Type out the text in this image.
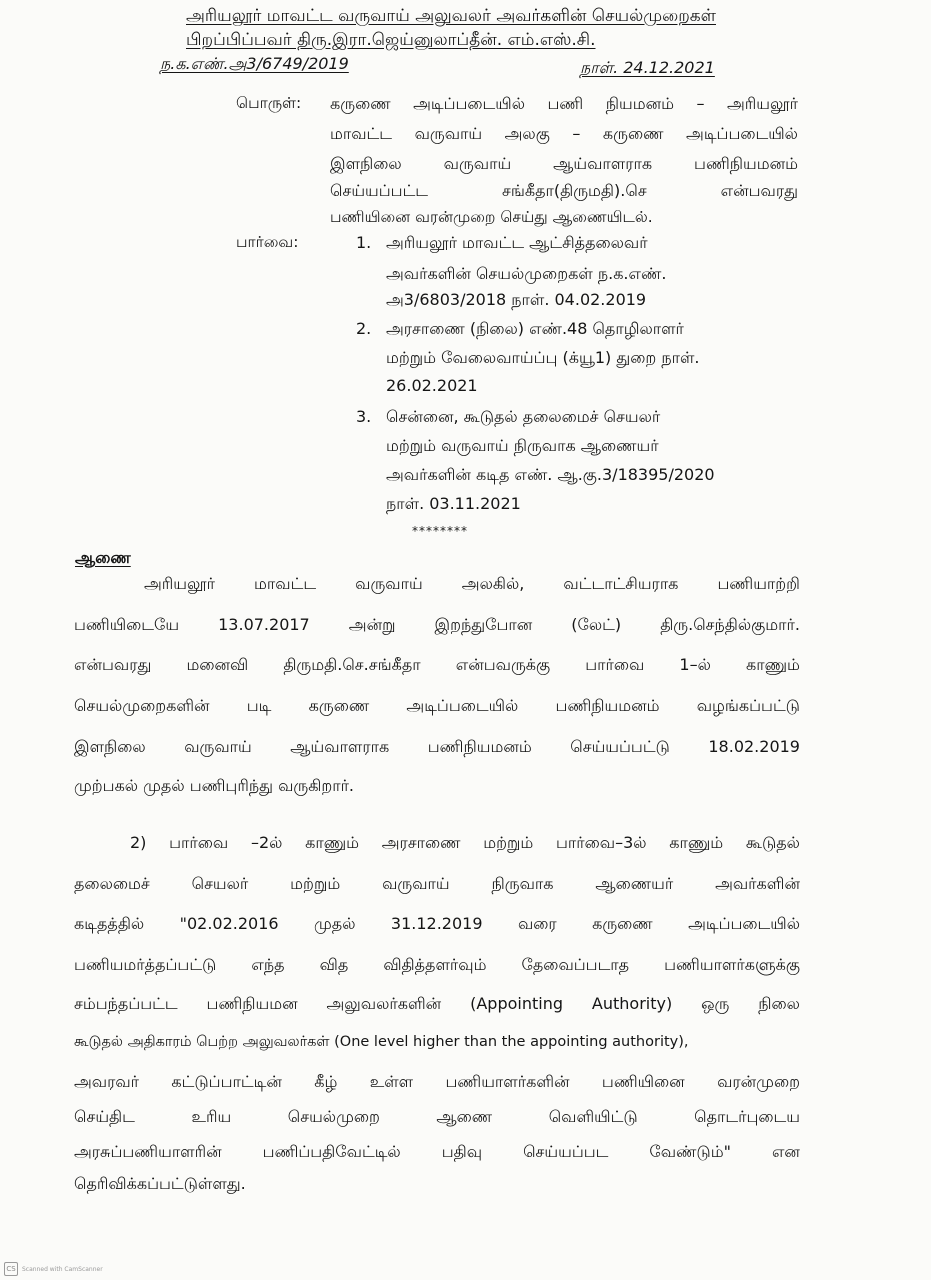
அரியலூர் மாவட்ட வருவாய் அலுவலர் அவர்களின் செயல்முறைகள்
பிறப்பிப்பவர் திரு.இரா.ஜெய்னுலாப்தீன். எம்.எஸ்.சி.
ந.க.எண்.அ3/6749/2019	நாள். 24.12.2021
பொருள்: கருணை அடிப்படையில் பணி நியமனம் – அரியலூர்
மாவட்ட வருவாய் அலகு – கருணை அடிப்படையில்
இளநிலை	வருவாய்	ஆய்வாளராக	பணிநியமனம்
செய்யப்பட்ட	சங்கீதா(திருமதி).செ	என்பவரது
பணியினை வரன்முறை செய்து ஆணையிடல்.
பார்வை:	1. அரியலூர் மாவட்ட ஆட்சித்தலைவர்
அவர்களின் செயல்முறைகள் ந.க.எண்.
அ3/6803/2018 நாள். 04.02.2019
2. அரசாணை (நிலை) எண்.48 தொழிலாளர்
மற்றும் வேலைவாய்ப்பு (க்யூ1) துறை நாள்.
26.02.2021
3. சென்னை, கூடுதல் தலைமைச் செயலர்
மற்றும் வருவாய் நிருவாக ஆணையர்
அவர்களின் கடித எண். ஆ.கு.3/18395/2020
நாள். 03.11.2021
********
ஆணை
அரியலூர் மாவட்ட வருவாய் அலகில், வட்டாட்சியராக பணியாற்றி
பணியிடையே 13.07.2017 அன்று இறந்துபோன (லேட்) திரு.செந்தில்குமார்.
என்பவரது மனைவி திருமதி.செ.சங்கீதா என்பவருக்கு பார்வை 1–ல் காணும்
செயல்முறைகளின் படி கருணை அடிப்படையில் பணிநியமனம் வழங்கப்பட்டு
இளநிலை வருவாய் ஆய்வாளராக பணிநியமனம் செய்யப்பட்டு 18.02.2019
முற்பகல் முதல் பணிபுரிந்து வருகிறார்.
2) பார்வை –2ல் காணும் அரசாணை மற்றும் பார்வை–3ல் காணும் கூடுதல்
தலைமைச்	செயலர்	மற்றும்	வருவாய்	நிருவாக	ஆணையர்	அவர்களின்
கடிதத்தில் "02.02.2016 முதல் 31.12.2019 வரை கருணை அடிப்படையில்
பணியமர்த்தப்பட்டு எந்த வித விதித்தளர்வும் தேவைப்படாத பணியாளர்களுக்கு
சம்பந்தப்பட்ட பணிநியமன அலுவலர்களின் (Appointing Authority) ஒரு நிலை
கூடுதல் அதிகாரம் பெற்ற அலுவலர்கள் (One level higher than the appointing authority),
அவரவர் கட்டுப்பாட்டின் கீழ் உள்ள பணியாளர்களின் பணியினை வரன்முறை
செய்திட	உரிய	செயல்முறை	ஆணை	வெளியிட்டு	தொடர்புடைய
அரசுப்பணியாளரின்	பணிப்பதிவேட்டில்	பதிவு	செய்யப்பட	வேண்டும்"	என
தெரிவிக்கப்பட்டுள்ளது.
CS	Scanned with CamScanner
